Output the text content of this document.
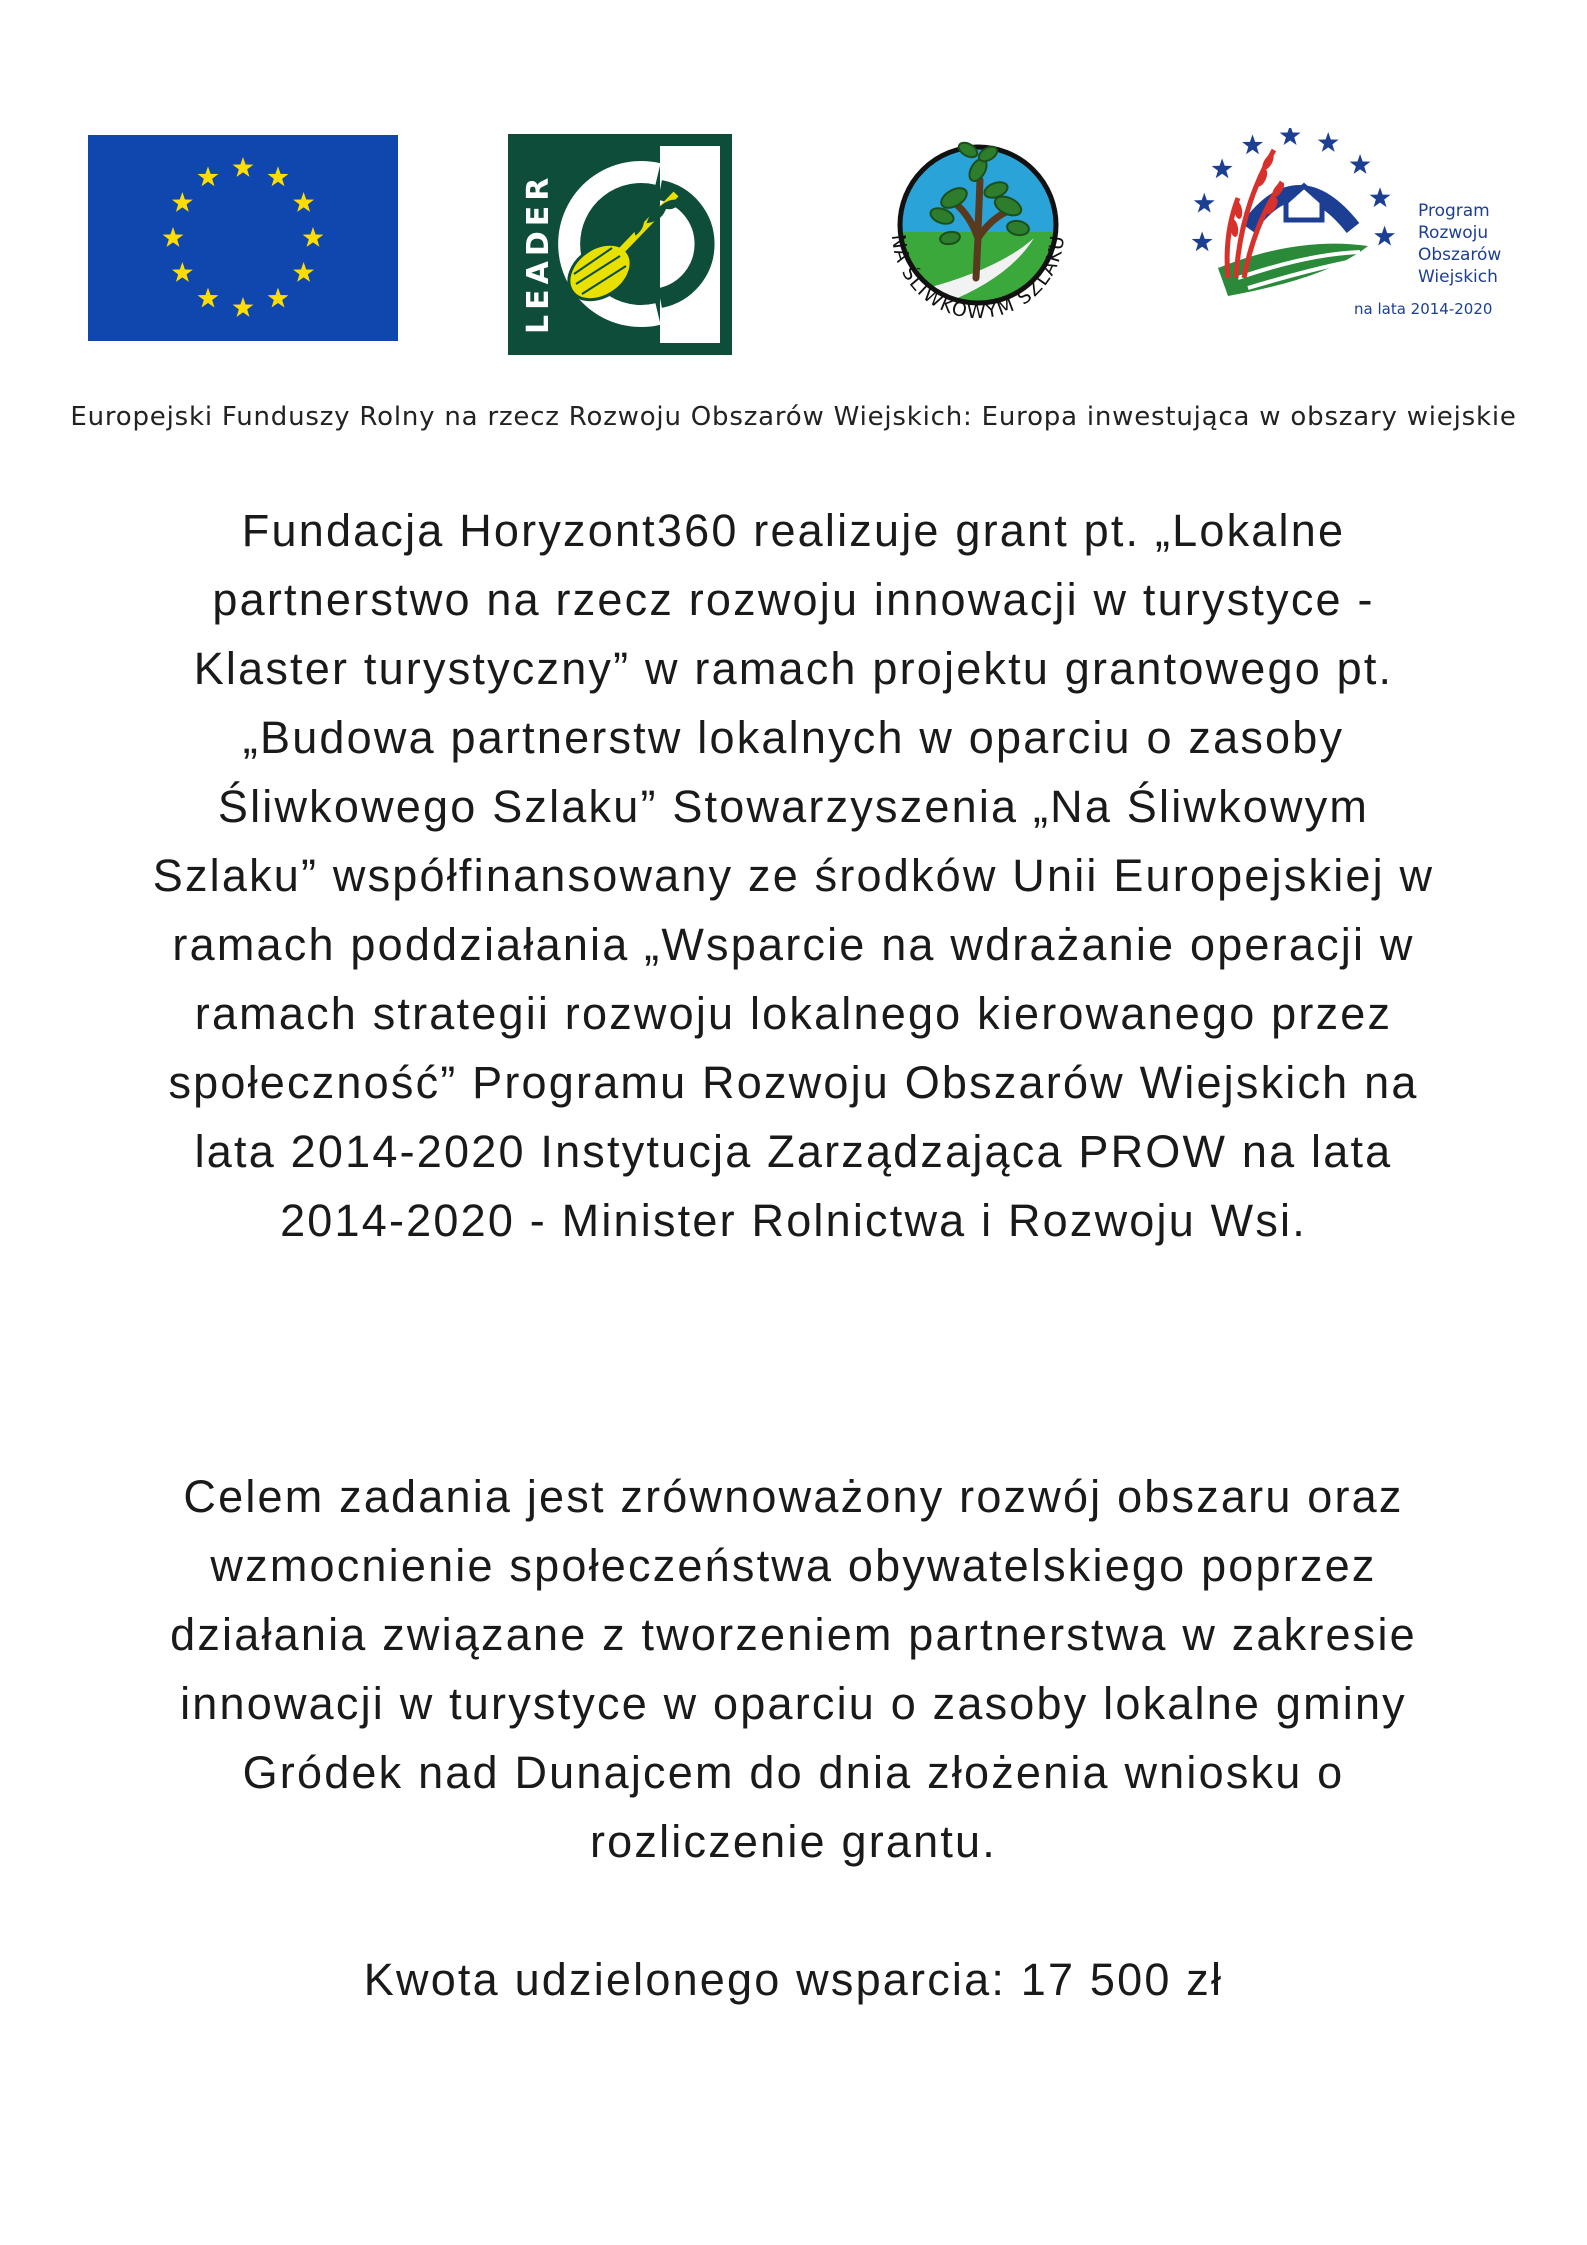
LEADER	NA ŚLIWKOWYM SZLAKU
Program
Rozwoju
Obszarów
Wiejskich
na lata 2014-2020
Europejski Funduszy Rolny na rzecz Rozwoju Obszarów Wiejskich: Europa inwestująca w obszary wiejskie

Fundacja Horyzont360 realizuje grant pt. „Lokalne
partnerstwo na rzecz rozwoju innowacji w turystyce -
Klaster turystyczny” w ramach projektu grantowego pt.
„Budowa partnerstw lokalnych w oparciu o zasoby
Śliwkowego Szlaku” Stowarzyszenia „Na Śliwkowym
Szlaku” współfinansowany ze środków Unii Europejskiej w
ramach poddziałania „Wsparcie na wdrażanie operacji w
ramach strategii rozwoju lokalnego kierowanego przez
społeczność” Programu Rozwoju Obszarów Wiejskich na
lata 2014-2020 Instytucja Zarządzająca PROW na lata
2014-2020 - Minister Rolnictwa i Rozwoju Wsi.

Celem zadania jest zrównoważony rozwój obszaru oraz
wzmocnienie społeczeństwa obywatelskiego poprzez
działania związane z tworzeniem partnerstwa w zakresie
innowacji w turystyce w oparciu o zasoby lokalne gminy
Gródek nad Dunajcem do dnia złożenia wniosku o
rozliczenie grantu.

Kwota udzielonego wsparcia: 17 500 zł
